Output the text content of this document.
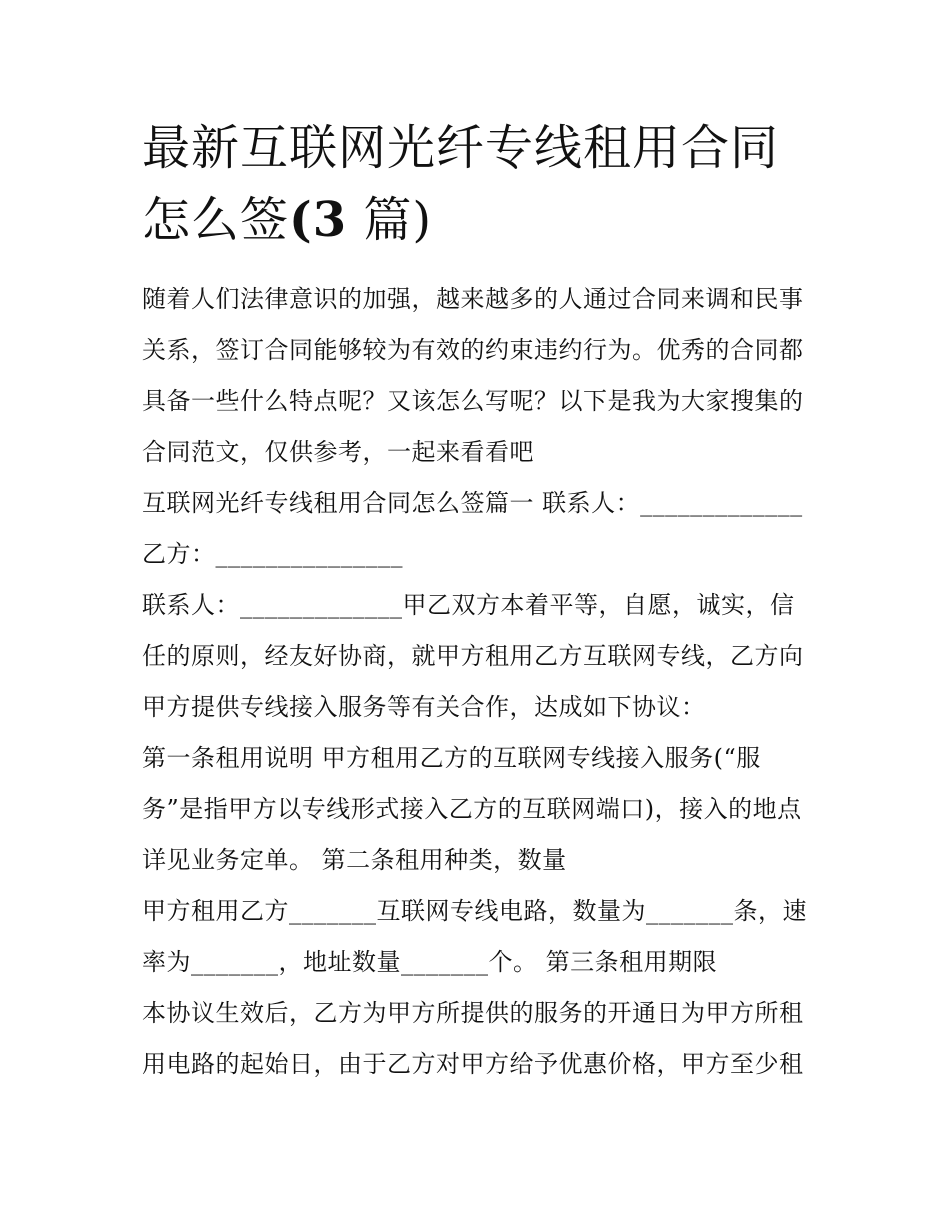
最新互联网光纤专线租用合同
怎么签(3 篇)
随着人们法律意识的加强，越来越多的人通过合同来调和民事
关系，签订合同能够较为有效的约束违约行为。优秀的合同都
具备一些什么特点呢？又该怎么写呢？以下是我为大家搜集的
合同范文，仅供参考，一起来看看吧
互联网光纤专线租用合同怎么签篇一 联系人：_____________
乙方：_______________
联系人：_____________甲乙双方本着平等，自愿，诚实，信
任的原则，经友好协商，就甲方租用乙方互联网专线，乙方向
甲方提供专线接入服务等有关合作，达成如下协议：
第一条租用说明 甲方租用乙方的互联网专线接入服务(“服
务”是指甲方以专线形式接入乙方的互联网端口)，接入的地点
详见业务定单。 第二条租用种类，数量
甲方租用乙方_______互联网专线电路，数量为_______条，速
率为_______，地址数量_______个。 第三条租用期限
本协议生效后，乙方为甲方所提供的服务的开通日为甲方所租
用电路的起始日，由于乙方对甲方给予优惠价格，甲方至少租
